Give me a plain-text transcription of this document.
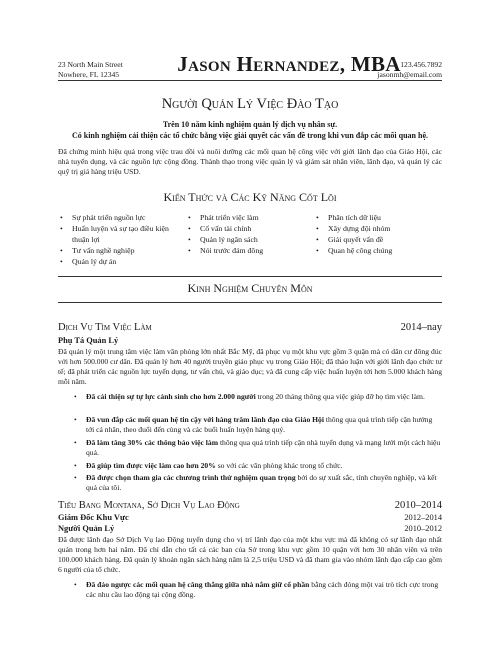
23 North Main Street
Nowhere, FL 12345	Jason Hernandez, MBA 123.456.7892
jasonmh@email.com
Người Quản Lý Việc Đào Tạo
Trên 10 năm kinh nghiệm quản lý dịch vụ nhân sự.
Có kinh nghiệm cải thiện các tổ chức bằng việc giải quyết các vấn đề trong khi vun đắp các mối quan hệ.
Đã chứng minh hiệu quả trong việc trau dồi và nuôi dưỡng các mối quan hệ công việc với giới lãnh đạo của Giáo Hội, các nhà tuyển dụng, và các nguồn lực cộng đồng. Thành thạo trong việc quản lý và giám sát nhân viên, lãnh đạo, và quản lý các quỹ trị giá hàng triệu USD.
Kiến Thức và Các Kỹ Năng Cốt Lõi
• Sự phát triển nguồn lực
• Huấn luyện và sự tạo điều kiện thuận lợi
• Tư vấn nghề nghiệp
• Quản lý dự án
• Phát triển việc làm
• Cố vấn tài chính
• Quản lý ngân sách
• Nói trước đám đông
• Phân tích dữ liệu
• Xây dựng đội nhóm
• Giải quyết vấn đề
• Quan hệ công chúng
Kinh Nghiệm Chuyên Môn
Dịch Vụ Tìm Việc Làm	2014–nay
Phụ Tá Quản Lý
Đã quản lý một trung tâm việc làm văn phòng lớn nhất Bắc Mỹ, đã phục vụ một khu vực gồm 3 quận mà có dân cư đông đúc với hơn 500.000 cư dân. Đã quản lý hơn 40 người truyền giáo phục vụ trong Giáo Hội; đã thảo luận với giới lãnh đạo chức tư tế; đã phát triển các nguồn lực tuyển dụng, tư vấn chủ, và giáo dục; và đã cung cấp việc huấn luyện tới hơn 5.000 khách hàng mỗi năm.
• Đã cải thiện sự tự lực cánh sinh cho hơn 2.000 người trong 20 tháng thông qua việc giúp đỡ họ tìm việc làm.
• Đã vun đắp các mối quan hệ tin cậy với hàng trăm lãnh đạo của Giáo Hội thông qua quá trình tiếp cận hướng tới cá nhân, theo đuổi đến cùng và các buổi huấn luyện hàng quý.
• Đã làm tăng 30% các thông báo việc làm thông qua quá trình tiếp cận nhà tuyển dụng và mạng lưới một cách hiệu quả.
• Đã giúp tìm được việc làm cao hơn 20% so với các văn phòng khác trong tổ chức.
• Đã được chọn tham gia các chương trình thử nghiệm quan trọng bởi do sự xuất sắc, tính chuyên nghiệp, và kết quả của tôi.
Tiểu Bang Montana, Sở Dịch Vụ Lao Động	2010–2014
Giám Đốc Khu Vực	2012–2014
Người Quản Lý	2010–2012
Đã được lãnh đạo Sở Dịch Vụ lao Động tuyển dụng cho vị trí lãnh đạo của một khu vực mà đã không có sự lãnh đạo nhất quán trong hơn hai năm. Đã chỉ dẫn cho tất cả các ban của Sở trong khu vực gồm 10 quận với hơn 30 nhân viên và trên 100.000 khách hàng. Đã quản lý khoản ngân sách hàng năm là 2,5 triệu USD và đã tham gia vào nhóm lãnh đạo cấp cao gồm 6 người của tổ chức.
• Đã đảo ngược các mối quan hệ căng thẳng giữa nhà nắm giữ cổ phần bằng cách đóng một vai trò tích cực trong các nhu cầu lao động tại cộng đồng.
